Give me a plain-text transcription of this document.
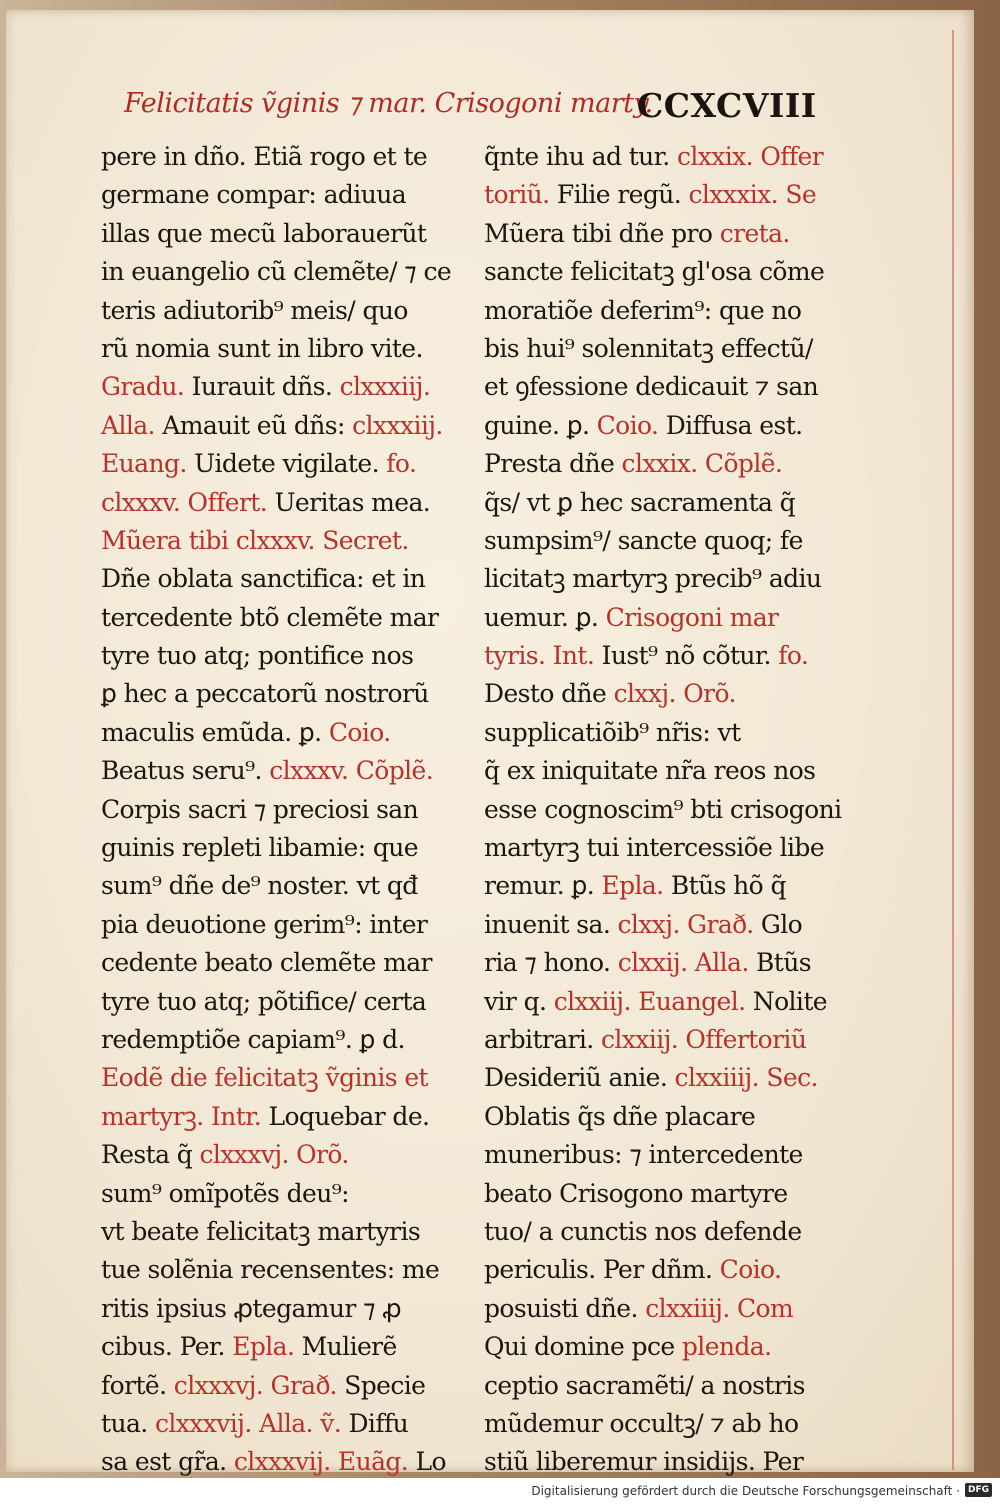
Felicitatis ṽginis ⁊ mar. Crisogoni marty.
CCXCVIII
pere in dño. Etiã rogo et te
germane compar: adiuua
illas que mecũ laborauerũt
in euangelio cũ clemẽte/ ⁊ ce
teris adiutorib⁹ meis/ quo
rũ nomia sunt in libro vite.
Gradu. Iurauit dñs. clxxxiij.
Alla. Amauit eũ dñs: clxxxiij.
Euang. Uidete vigilate. fo.
clxxxv. Offert. Ueritas mea.
Mũera tibi clxxxv. Secret.
Dñe oblata sanctifica: et in
tercedente btõ clemẽte mar
tyre tuo atq; pontifice nos
ꝑ hec a peccatorũ nostrorũ
maculis emũda. ꝑ. Coio.
Beatus seru⁹. clxxxv. Cõplẽ.
Corpis sacri ⁊ preciosi san
guinis repleti libamie: que
sum⁹ dñe de⁹ noster. vt qđ
pia deuotione gerim⁹: inter
cedente beato clemẽte mar
tyre tuo atq; põtifice/ certa
redemptiõe capiam⁹. ꝑ d.
Eodẽ die felicitatꝫ ṽginis et
martyrꝫ. Intr. Loquebar de.
Resta q̃ clxxxvj. Orõ.
sum⁹ omĩpotẽs deu⁹:
vt beate felicitatꝫ martyris
tue solẽnia recensentes: me
ritis ipsius ꝓtegamur ⁊ ꝓ
cibus. Per. Epla. Mulierẽ
fortẽ. clxxxvj. Grað. Specie
tua. clxxxvij. Alla. ṽ. Diffu
sa est gr̃a. clxxxvij. Euãg. Lo
q̃nte ihu ad tur. clxxix. Offer
toriũ. Filie regũ. clxxxix. Se
Mũera tibi dñe pro creta.
sancte felicitatꝫ gl'osa cõme
moratiõe deferim⁹: que no
bis hui⁹ solennitatꝫ effectũ/
et ꝯfessione dedicauit ⁊ san
guine. ꝑ. Coio. Diffusa est.
Presta dñe clxxix. Cõplẽ.
q̃s/ vt ꝑ hec sacramenta q̃
sumpsim⁹/ sancte quoq; fe
licitatꝫ martyrꝫ precib⁹ adiu
uemur. ꝑ. Crisogoni mar
tyris. Int. Iust⁹ nõ cõtur. fo.
Desto dñe clxxj. Orõ.
supplicatiõib⁹ nr̃is: vt
q̃ ex iniquitate nr̃a reos nos
esse cognoscim⁹ bti crisogoni
martyrꝫ tui intercessiõe libe
remur. ꝑ. Epla. Btũs hõ q̃
inuenit sa. clxxj. Grað. Glo
ria ⁊ hono. clxxij. Alla. Btũs
vir q. clxxiij. Euangel. Nolite
arbitrari. clxxiij. Offertoriũ
Desideriũ anie. clxxiiij. Sec.
Oblatis q̃s dñe placare
muneribus: ⁊ intercedente
beato Crisogono martyre
tuo/ a cunctis nos defende
periculis. Per dñm. Coio.
posuisti dñe. clxxiiij. Com
Qui domine pce plenda.
ceptio sacramẽti/ a nostris
mũdemur occultꝫ/ ⁊ ab ho
stiũ liberemur insidijs. Per
Digitalisierung gefördert durch die Deutsche Forschungsgemeinschaft · DFG
